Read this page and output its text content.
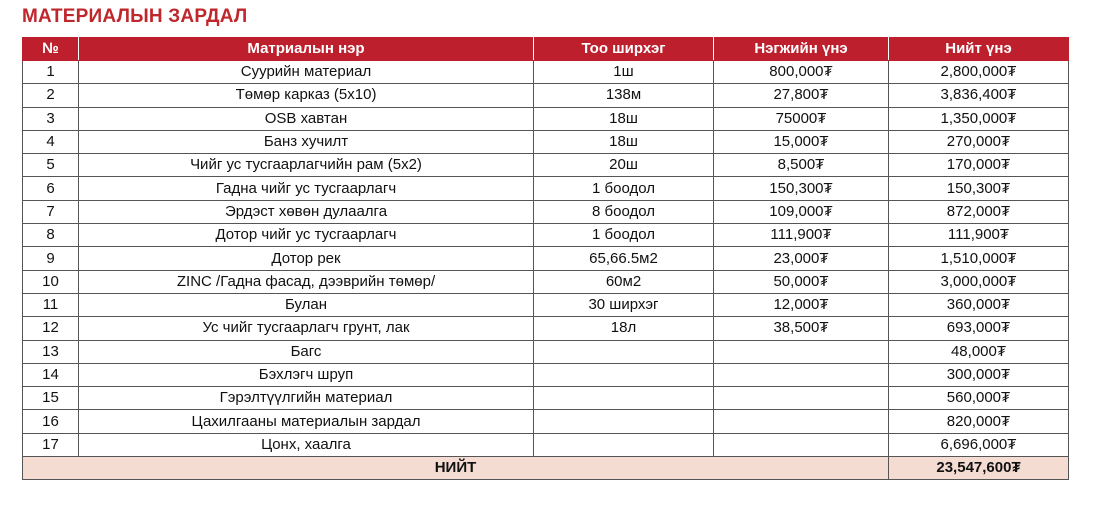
МАТЕРИАЛЫН ЗАРДАЛ
№	Матриалын нэр	Тоо ширхэг	Нэгжийн үнэ	Нийт үнэ
1	Суурийн материал	1ш	800,000₮	2,800,000₮
2	Төмөр карказ (5х10)	138м	27,800₮	3,836,400₮
3	OSB хавтан	18ш	75000₮	1,350,000₮
4	Банз хучилт	18ш	15,000₮	270,000₮
5	Чийг ус тусгаарлагчийн рам (5х2)	20ш	8,500₮	170,000₮
6	Гадна чийг ус тусгаарлагч	1 боодол	150,300₮	150,300₮
7	Эрдэст хөвөн дулаалга	8 боодол	109,000₮	872,000₮
8	Дотор чийг ус тусгаарлагч	1 боодол	111,900₮	111,900₮
9	Дотор рек	65,66.5м2	23,000₮	1,510,000₮
10	ZINC /Гадна фасад, дээврийн төмөр/	60м2	50,000₮	3,000,000₮
11	Булан	30 ширхэг	12,000₮	360,000₮
12	Ус чийг тусгаарлагч грунт, лак	18л	38,500₮	693,000₮
13	Багс			48,000₮
14	Бэхлэгч шруп			300,000₮
15	Гэрэлтүүлгийн материал			560,000₮
16	Цахилгааны материалын зардал			820,000₮
17	Цонх, хаалга			6,696,000₮
НИЙТ				23,547,600₮
